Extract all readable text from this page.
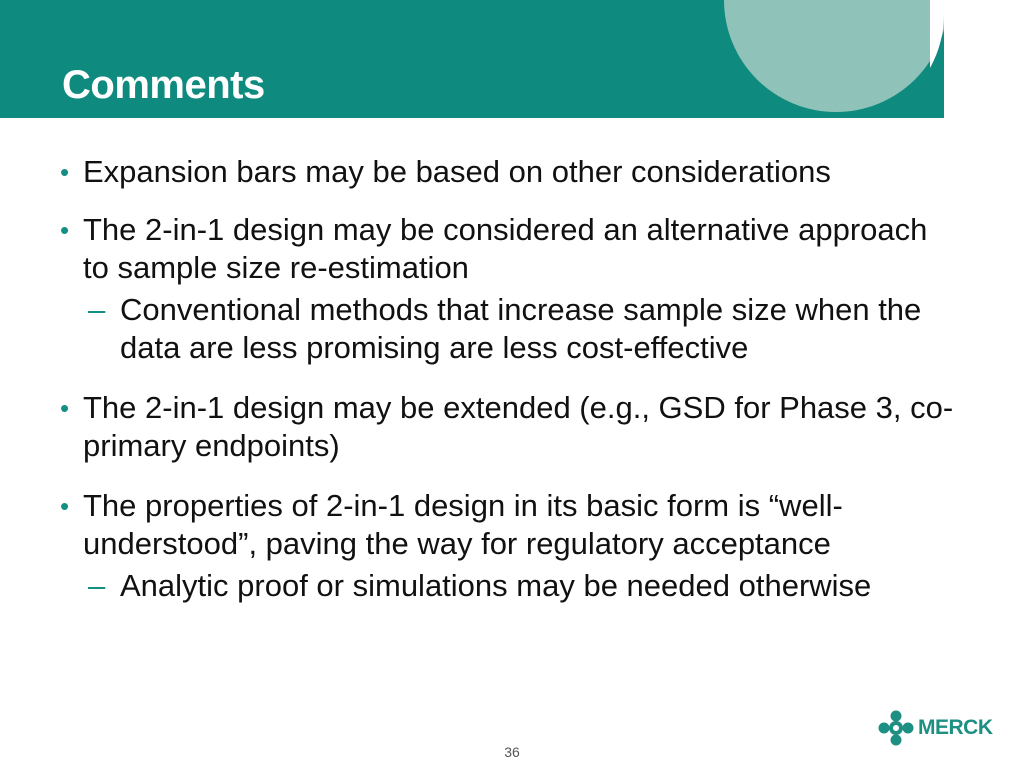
Comments
• Expansion bars may be based on other considerations
• The 2-in-1 design may be considered an alternative approach to sample size re-estimation
– Conventional methods that increase sample size when the data are less promising are less cost-effective
• The 2-in-1 design may be extended (e.g., GSD for Phase 3, co-primary endpoints)
• The properties of 2-in-1 design in its basic form is “well-understood”, paving the way for regulatory acceptance
– Analytic proof or simulations may be needed otherwise
36
MERCK
